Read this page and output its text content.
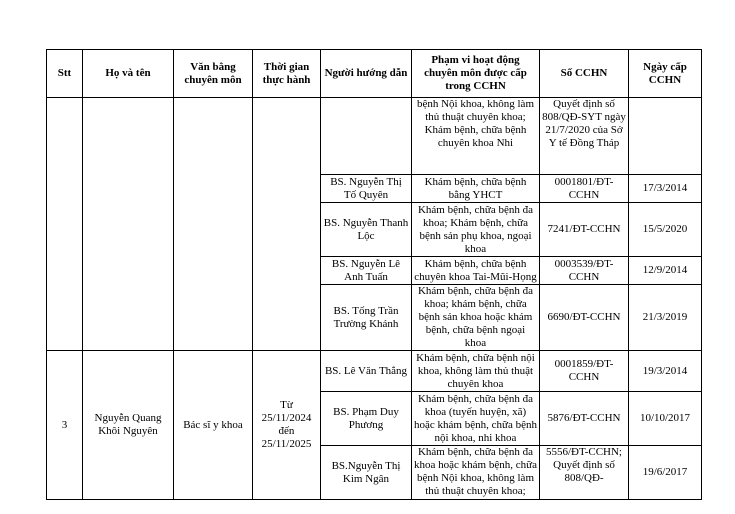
Stt	Họ và tên	Văn bằng chuyên môn	Thời gian thực hành	Người hướng dẫn	Phạm vi hoạt động chuyên môn được cấp trong CCHN	Số CCHN	Ngày cấp CCHN
					bệnh Nội khoa, không làm thủ thuật chuyên khoa; Khám bệnh, chữa bệnh chuyên khoa Nhi	Quyết định số 808/QĐ-SYT ngày 21/7/2020 của Sở Y tế Đồng Tháp	
				BS. Nguyễn Thị Tố Quyên	Khám bệnh, chữa bệnh bằng YHCT	0001801/ĐT-CCHN	17/3/2014
				BS. Nguyễn Thanh Lộc	Khám bệnh, chữa bệnh đa khoa; Khám bệnh, chữa bệnh sản phụ khoa, ngoại khoa	7241/ĐT-CCHN	15/5/2020
				BS. Nguyễn Lê Anh Tuấn	Khám bệnh, chữa bệnh chuyên khoa Tai-Mũi-Họng	0003539/ĐT-CCHN	12/9/2014
				BS. Tống Trần Trường Khánh	Khám bệnh, chữa bệnh đa khoa; khám bệnh, chữa bệnh sản khoa hoặc khám bệnh, chữa bệnh ngoại khoa	6690/ĐT-CCHN	21/3/2019
3	Nguyễn Quang Khôi Nguyên	Bác sĩ y khoa	Từ
25/11/2024
đến
25/11/2025	BS. Lê Văn Thắng	Khám bệnh, chữa bệnh nội khoa, không làm thủ thuật chuyên khoa	0001859/ĐT-CCHN	19/3/2014
				BS. Phạm Duy Phương	Khám bệnh, chữa bệnh đa khoa (tuyến huyện, xã) hoặc khám bệnh, chữa bệnh nội khoa, nhi khoa	5876/ĐT-CCHN	10/10/2017
				BS.Nguyễn Thị Kim Ngân	Khám bệnh, chữa bệnh đa khoa hoặc khám bệnh, chữa bệnh Nội khoa, không làm thủ thuật chuyên khoa;	5556/ĐT-CCHN; Quyết định số 808/QĐ-	19/6/2017
